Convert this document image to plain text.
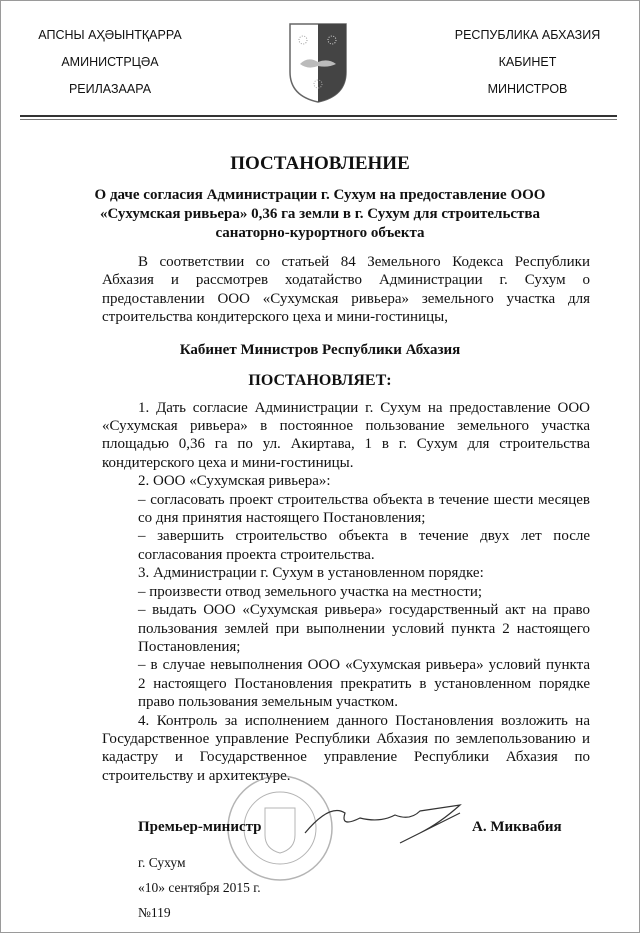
АПСНЫ АҲӘЫНТҚАРРА
АМИНИСТРЦӘА
РЕИЛАЗААРА
РЕСПУБЛИКА АБХАЗИЯ
КАБИНЕТ
МИНИСТРОВ
ПОСТАНОВЛЕНИЕ
О даче согласия Администрации г. Сухум на предоставление ООО «Сухумская ривьера» 0,36 га земли в г. Сухум для строительства санаторно-курортного объекта
В соответствии со статьей 84 Земельного Кодекса Республики Абхазия и рассмотрев ходатайство Администрации г. Сухум о предоставлении ООО «Сухумская ривьера» земельного участка для строительства кондитерского цеха и мини-гостиницы,
Кабинет Министров Республики Абхазия
ПОСТАНОВЛЯЕТ:
1. Дать согласие Администрации г. Сухум на предоставление ООО «Сухумская ривьера» в постоянное пользование земельного участка площадью 0,36 га по ул. Акиртава, 1 в г. Сухум для строительства кондитерского цеха и мини-гостиницы.
2. ООО «Сухумская ривьера»:
– согласовать проект строительства объекта в течение шести месяцев со дня принятия настоящего Постановления;
– завершить строительство объекта в течение двух лет после согласования проекта строительства.
3. Администрации г. Сухум в установленном порядке:
– произвести отвод земельного участка на местности;
– выдать ООО «Сухумская ривьера» государственный акт на право пользования землей при выполнении условий пункта 2 настоящего Постановления;
– в случае невыполнения ООО «Сухумская ривьера» условий пункта 2 настоящего Постановления прекратить в установленном порядке право пользования земельным участком.
4. Контроль за исполнением данного Постановления возложить на Государственное управление Республики Абхазия по землепользованию и кадастру и Государственное управление Республики Абхазия по строительству и архитектуре.
Премьер-министр	А. Миквабия
г. Сухум
«10» сентября 2015 г.
№119
